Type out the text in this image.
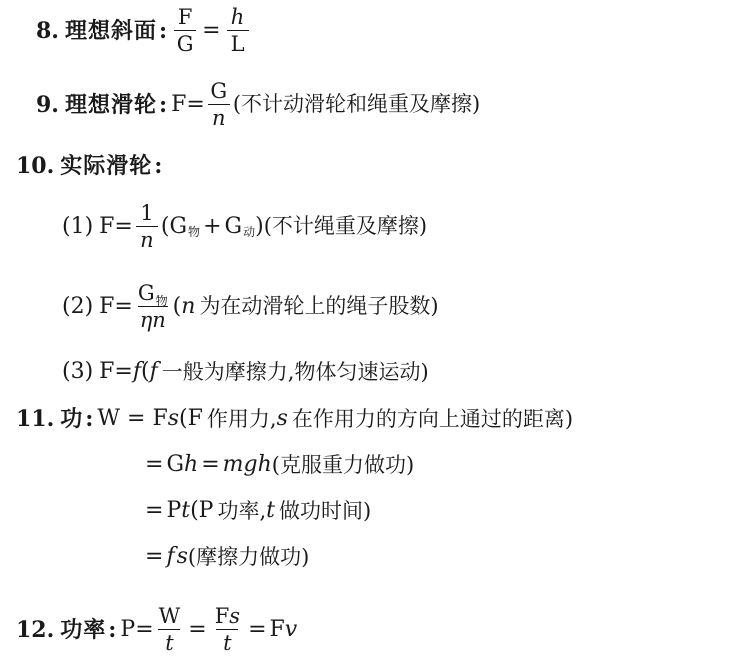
8. 理想斜面 : $\frac{F}{G} = \frac{h}{L}$
9. 理想滑轮 : $F= \frac{G}{n}$ (不计动滑轮和绳重及摩擦)
10. 实际滑轮 :
(1) $F= \frac{1}{n}$ ( G 物 + G 动 ) (不计绳重及摩擦)
(2) $F= \frac{G_物}{\eta n}$ ( n 为在动滑轮上的绳子股数)
(3) F= f ( f 一般为摩擦力,物体匀速运动)
11. 功 : W = F s (F 作用力, s 在作用力的方向上通过的距离)
= G h = m g h (克服重力做功)
= P t (P 功率, t 做功时间)
= f s (摩擦力做功)
12. 功率 : $P= \frac{W}{t} = \frac{Fs}{t} = F$ v
